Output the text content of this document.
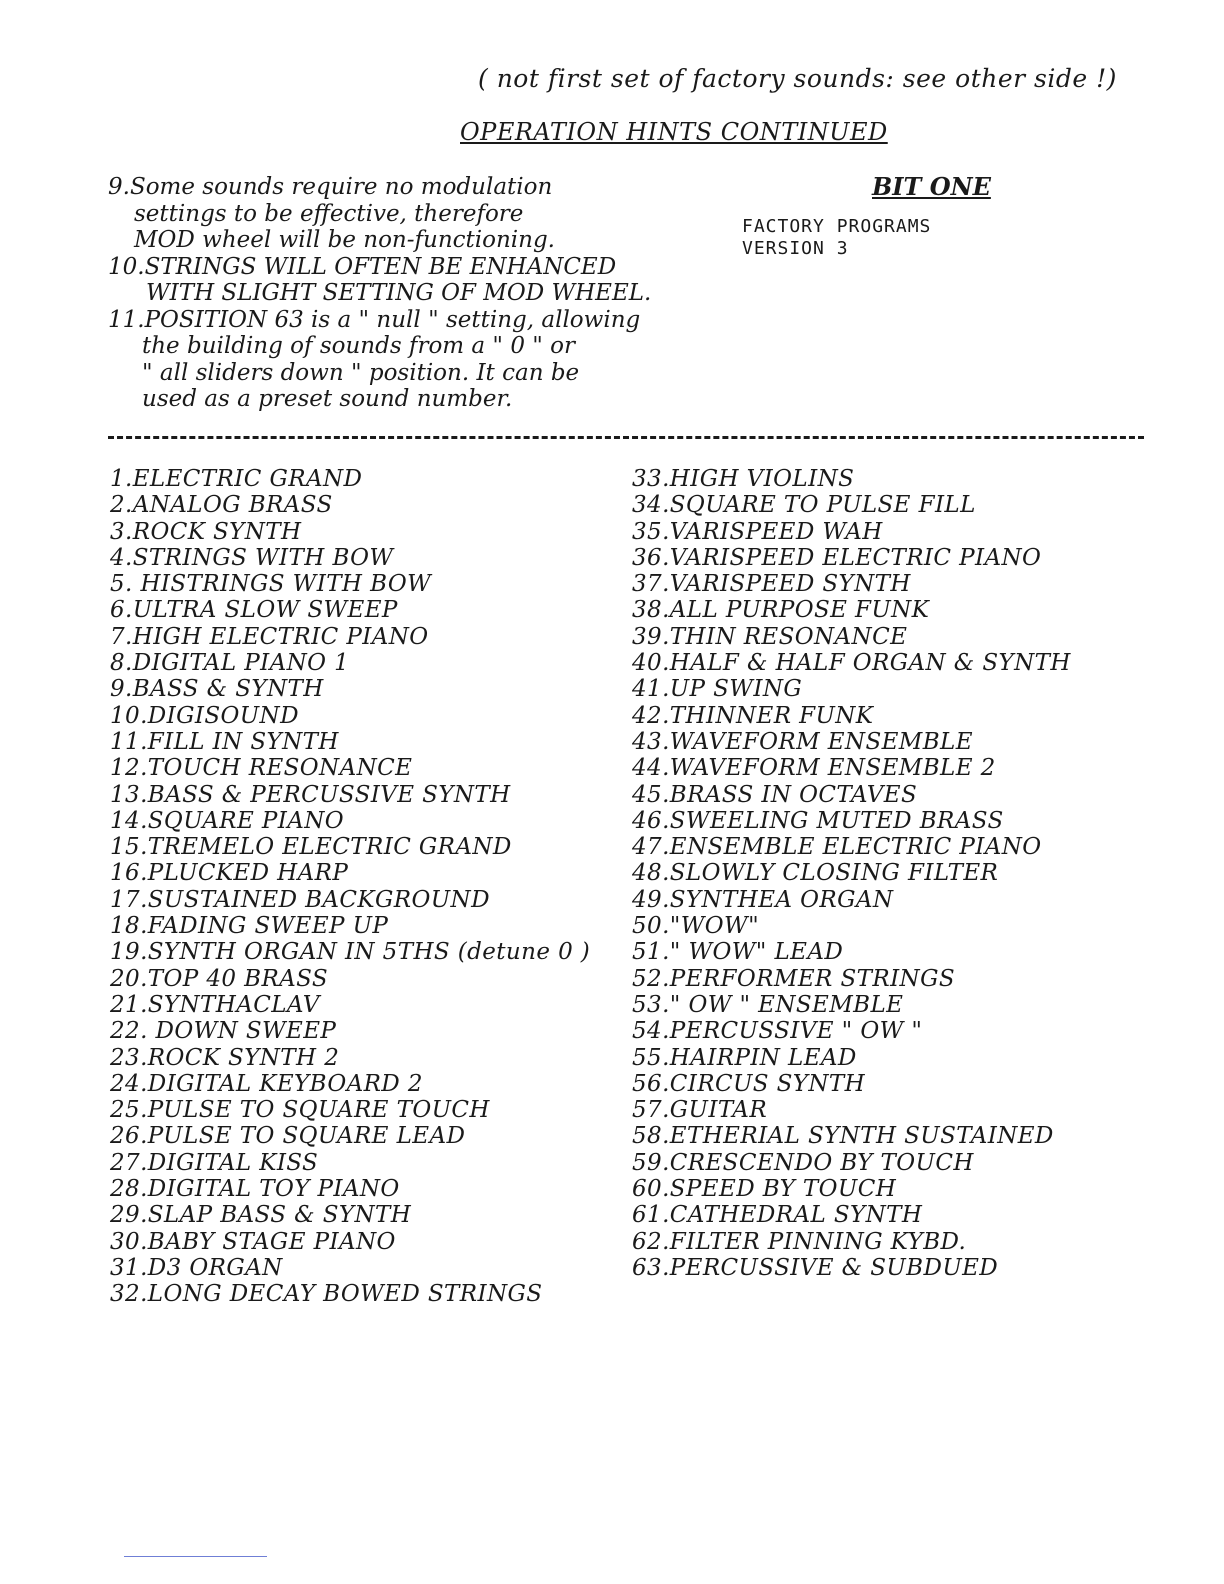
( not first set of factory sounds: see other side !)
OPERATION HINTS CONTINUED
9.Some sounds require no modulation
settings to be effective, therefore
MOD wheel will be non-functioning.
10.STRINGS WILL OFTEN BE ENHANCED
WITH SLIGHT SETTING OF MOD WHEEL.
11.POSITION 63 is a " null " setting, allowing
the building of sounds from a " 0 " or
" all sliders down " position. It can be
used as a preset sound number.
BIT ONE
FACTORY PROGRAMS
VERSION 3
1.ELECTRIC GRAND
2.ANALOG BRASS
3.ROCK SYNTH
4.STRINGS WITH BOW
5. HISTRINGS WITH BOW
6.ULTRA SLOW SWEEP
7.HIGH ELECTRIC PIANO
8.DIGITAL PIANO 1
9.BASS & SYNTH
10.DIGISOUND
11.FILL IN SYNTH
12.TOUCH RESONANCE
13.BASS & PERCUSSIVE SYNTH
14.SQUARE PIANO
15.TREMELO ELECTRIC GRAND
16.PLUCKED HARP
17.SUSTAINED BACKGROUND
18.FADING SWEEP UP
19.SYNTH ORGAN IN 5THS (detune 0 )
20.TOP 40 BRASS
21.SYNTHACLAV
22. DOWN SWEEP
23.ROCK SYNTH 2
24.DIGITAL KEYBOARD 2
25.PULSE TO SQUARE TOUCH
26.PULSE TO SQUARE LEAD
27.DIGITAL KISS
28.DIGITAL TOY PIANO
29.SLAP BASS & SYNTH
30.BABY STAGE PIANO
31.D3 ORGAN
32.LONG DECAY BOWED STRINGS
33.HIGH VIOLINS
34.SQUARE TO PULSE FILL
35.VARISPEED WAH
36.VARISPEED ELECTRIC PIANO
37.VARISPEED SYNTH
38.ALL PURPOSE FUNK
39.THIN RESONANCE
40.HALF & HALF ORGAN & SYNTH
41.UP SWING
42.THINNER FUNK
43.WAVEFORM ENSEMBLE
44.WAVEFORM ENSEMBLE 2
45.BRASS IN OCTAVES
46.SWEELING MUTED BRASS
47.ENSEMBLE ELECTRIC PIANO
48.SLOWLY CLOSING FILTER
49.SYNTHEA ORGAN
50."WOW"
51." WOW" LEAD
52.PERFORMER STRINGS
53." OW " ENSEMBLE
54.PERCUSSIVE " OW "
55.HAIRPIN LEAD
56.CIRCUS SYNTH
57.GUITAR
58.ETHERIAL SYNTH SUSTAINED
59.CRESCENDO BY TOUCH
60.SPEED BY TOUCH
61.CATHEDRAL SYNTH
62.FILTER PINNING KYBD.
63.PERCUSSIVE & SUBDUED
